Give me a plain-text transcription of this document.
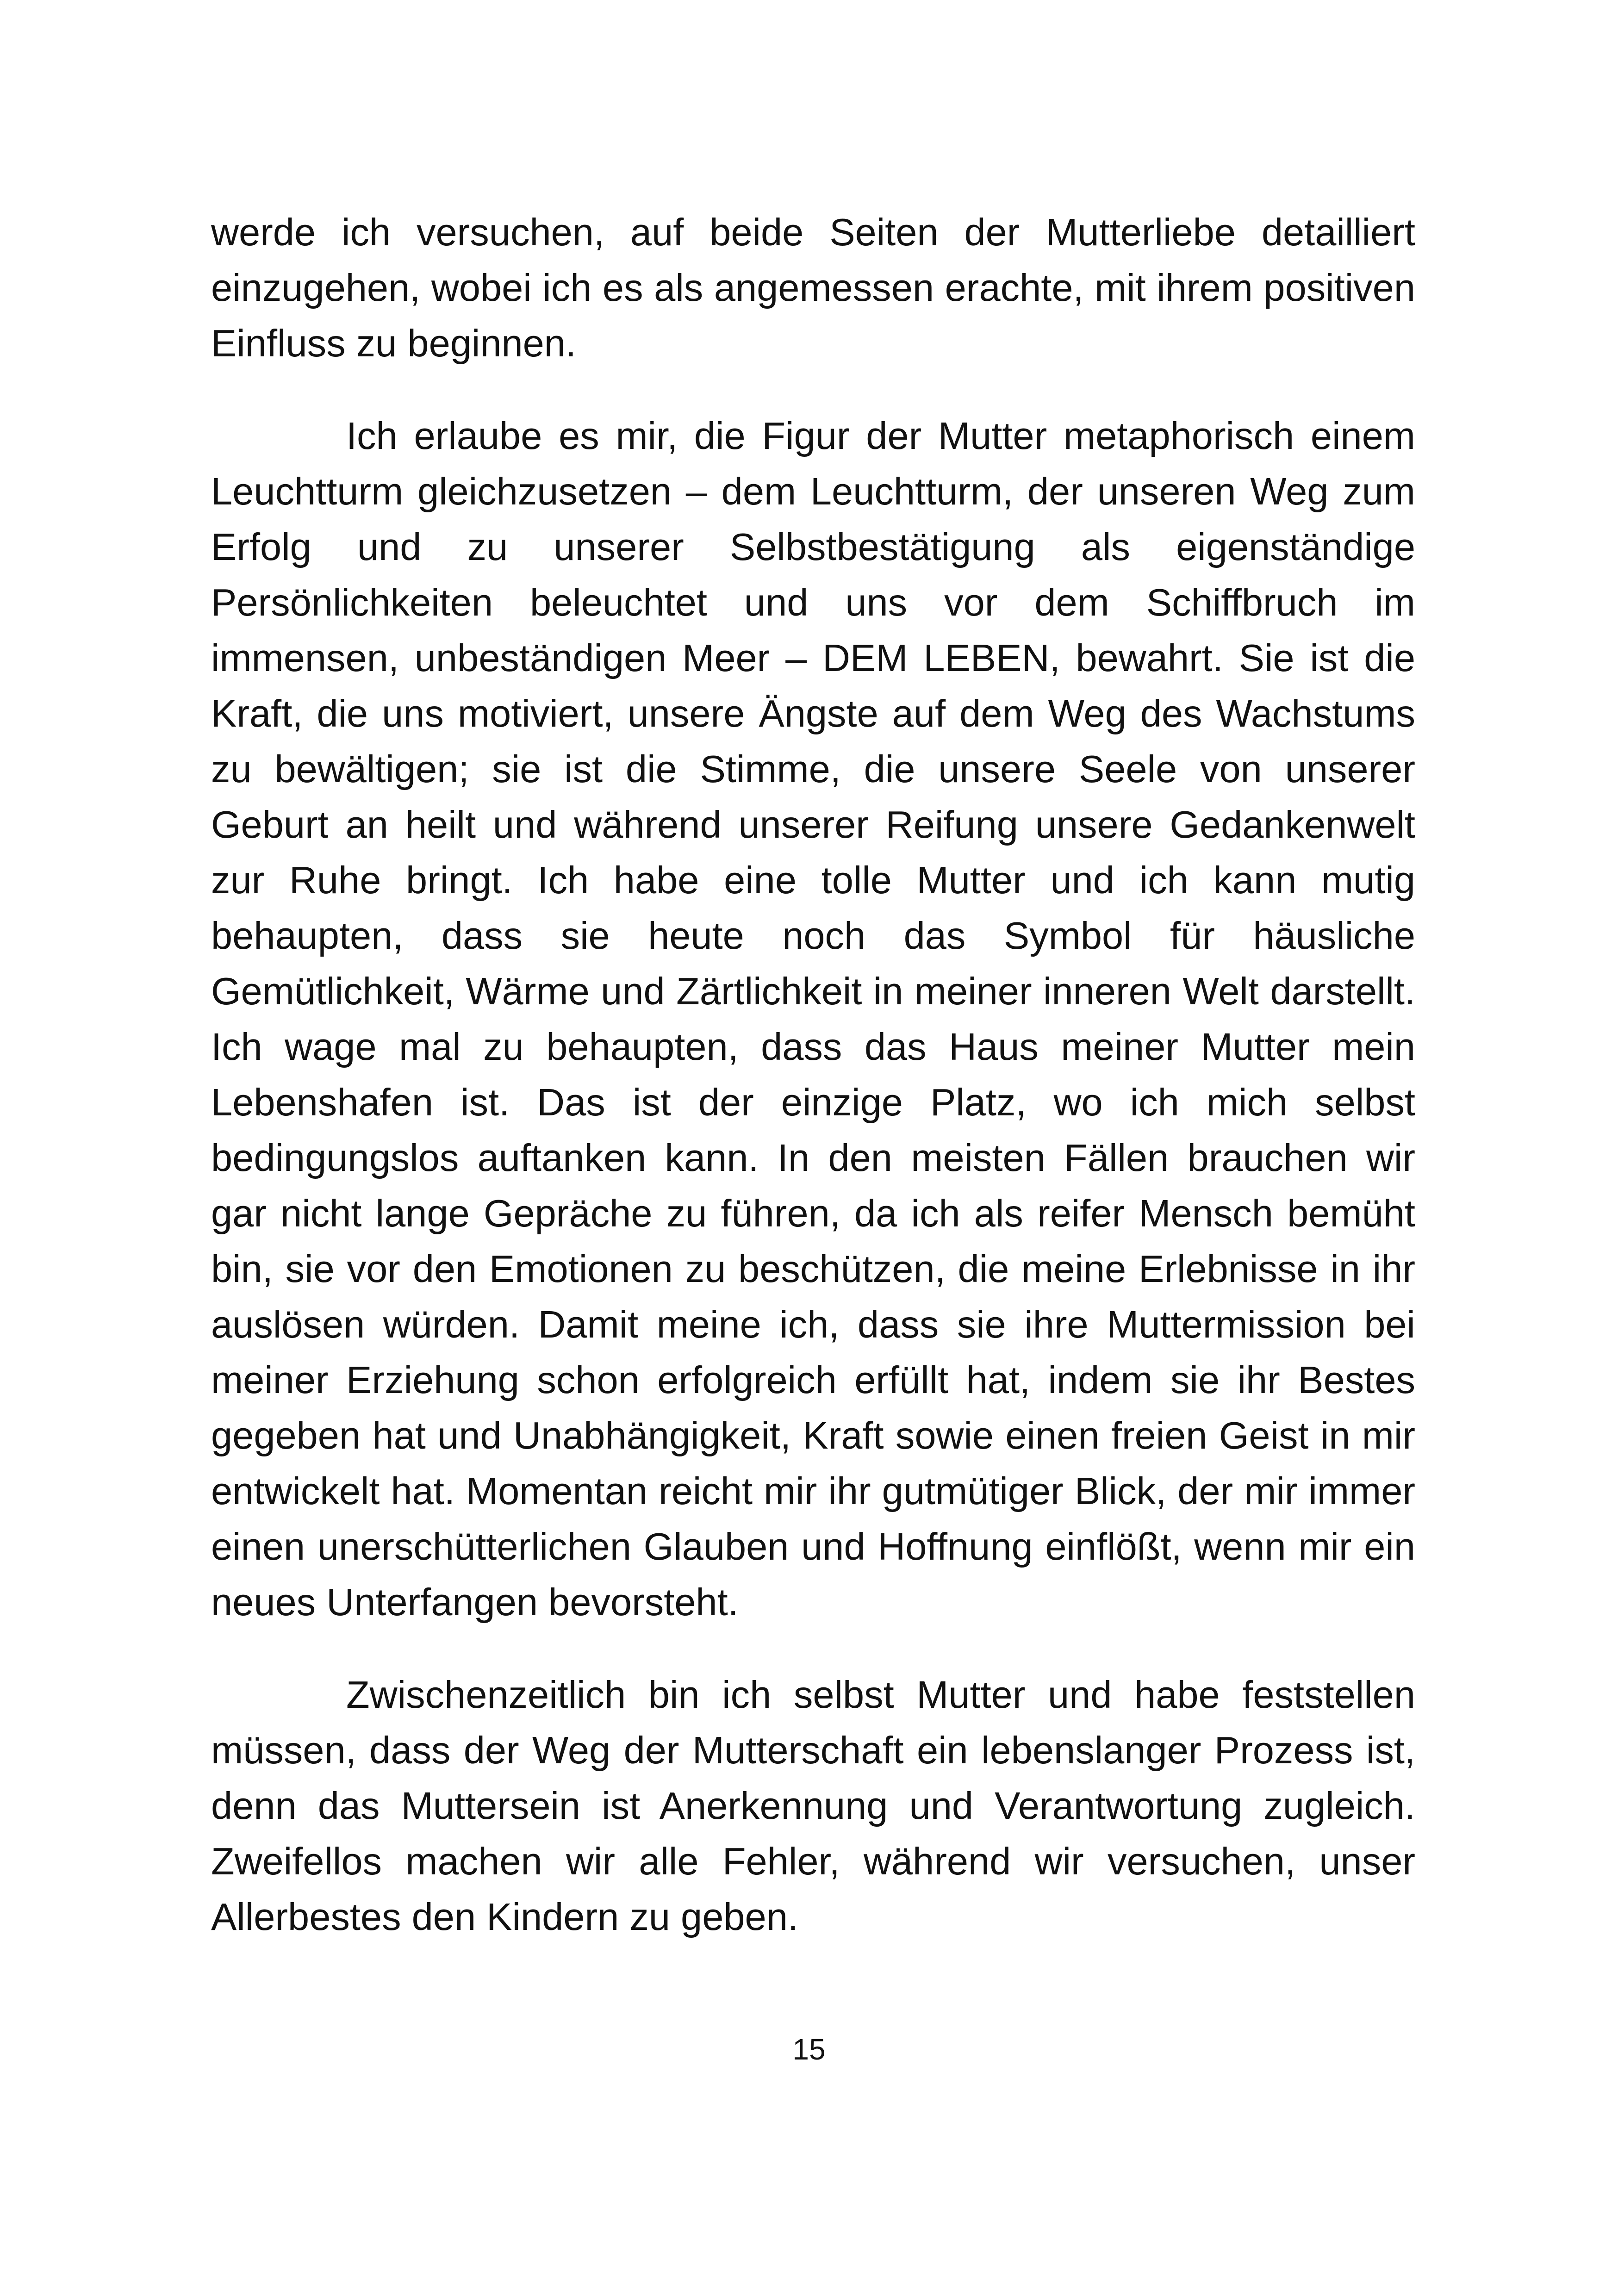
werde ich versuchen, auf beide Seiten der Mutterliebe detailliert einzugehen, wobei ich es als angemessen erachte, mit ihrem positiven Einfluss zu beginnen.

Ich erlaube es mir, die Figur der Mutter metaphorisch einem Leuchtturm gleichzusetzen – dem Leuchtturm, der unseren Weg zum Erfolg und zu unserer Selbstbestätigung als eigenständige Persönlichkeiten beleuchtet und uns vor dem Schiffbruch im immensen, unbeständigen Meer – DEM LEBEN, bewahrt. Sie ist die Kraft, die uns motiviert, unsere Ängste auf dem Weg des Wachstums zu bewältigen; sie ist die Stimme, die unsere Seele von unserer Geburt an heilt und während unserer Reifung unsere Gedankenwelt zur Ruhe bringt. Ich habe eine tolle Mutter und ich kann mutig behaupten, dass sie heute noch das Symbol für häusliche Gemütlichkeit, Wärme und Zärtlichkeit in meiner inneren Welt darstellt. Ich wage mal zu behaupten, dass das Haus meiner Mutter mein Lebenshafen ist. Das ist der einzige Platz, wo ich mich selbst bedingungslos auftanken kann. In den meisten Fällen brauchen wir gar nicht lange Gepräche zu führen, da ich als reifer Mensch bemüht bin, sie vor den Emotionen zu beschützen, die meine Erlebnisse in ihr auslösen würden. Damit meine ich, dass sie ihre Muttermission bei meiner Erziehung schon erfolgreich erfüllt hat, indem sie ihr Bestes gegeben hat und Unabhängigkeit, Kraft sowie einen freien Geist in mir entwickelt hat. Momentan reicht mir ihr gutmütiger Blick, der mir immer einen unerschütterlichen Glauben und Hoffnung einflößt, wenn mir ein neues Unterfangen bevorsteht.

Zwischenzeitlich bin ich selbst Mutter und habe feststellen müssen, dass der Weg der Mutterschaft ein lebenslanger Prozess ist, denn das Muttersein ist Anerkennung und Verantwortung zugleich. Zweifellos machen wir alle Fehler, während wir versuchen, unser Allerbestes den Kindern zu geben.

15
